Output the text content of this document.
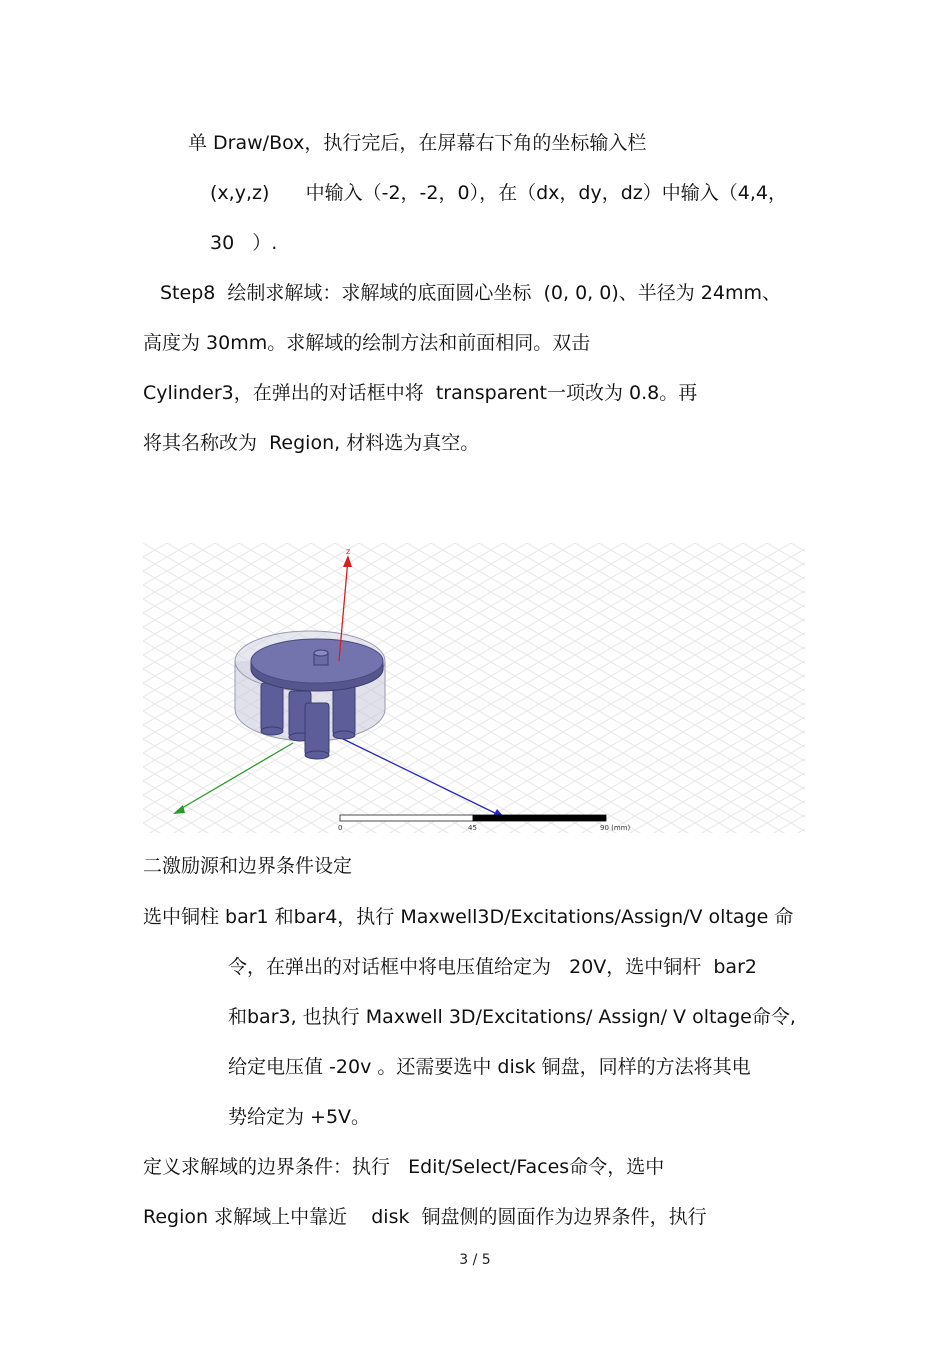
单 Draw/Box，执行完后，在屏幕右下角的坐标输入栏
(x,y,z)      中输入（-2，-2，0），在（dx，dy，dz）中输入（4,4，
30   ）.
Step8  绘制求解域：求解域的底面圆心坐标  (0, 0, 0)、半径为 24mm、
高度为 30mm。求解域的绘制方法和前面相同。双击
Cylinder3，在弹出的对话框中将  transparent一项改为 0.8。再
将其名称改为  Region, 材料选为真空。
z
0	45	90 (mm)
二激励源和边界条件设定
选中铜柱 bar1 和bar4，执行 Maxwell3D/Excitations/Assign/V oltage 命
令，在弹出的对话框中将电压值给定为   20V，选中铜杆  bar2
和bar3, 也执行 Maxwell 3D/Excitations/ Assign/ V oltage命令,
给定电压值 -20v 。还需要选中 disk 铜盘，同样的方法将其电
势给定为 +5V。
定义求解域的边界条件：执行   Edit/Select/Faces命令，选中
Region 求解域上中靠近    disk  铜盘侧的圆面作为边界条件，执行
3 / 5
